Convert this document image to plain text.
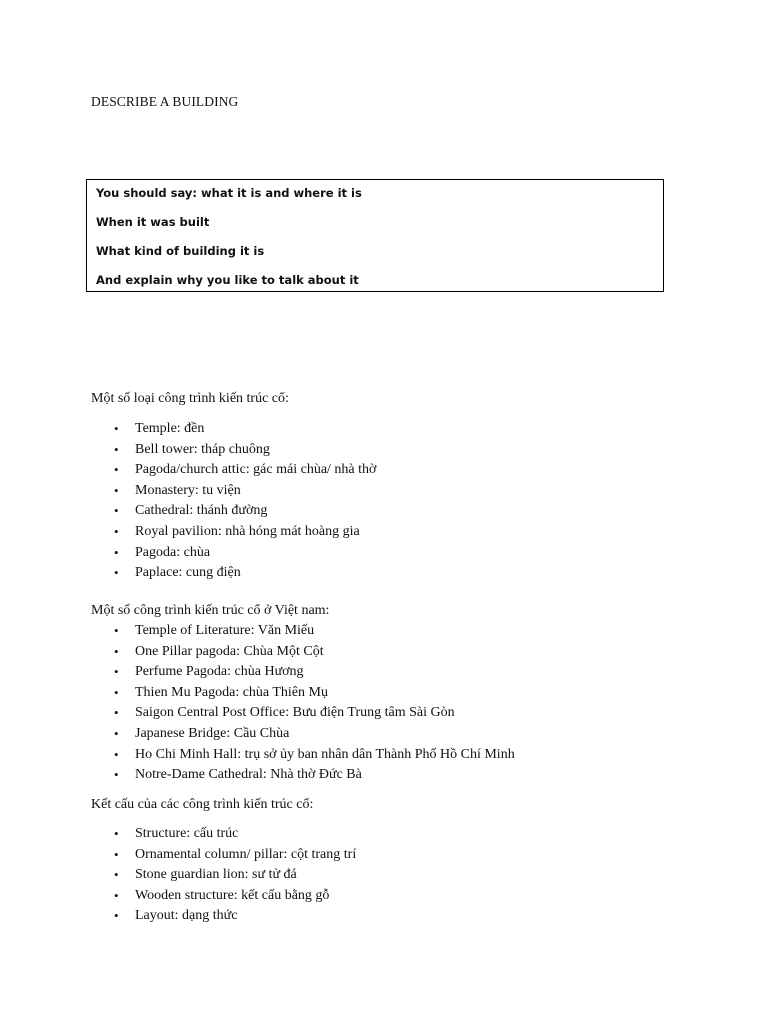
DESCRIBE A BUILDING
You should say: what it is and where it is
When it was built
What kind of building it is
And explain why you like to talk about it
Một số loại công trình kiến trúc cổ:
• Temple: đền
• Bell tower: tháp chuông
• Pagoda/church attic: gác mái chùa/ nhà thờ
• Monastery: tu viện
• Cathedral: thánh đường
• Royal pavilion: nhà hóng mát hoàng gia
• Pagoda: chùa
• Paplace: cung điện
Một số công trình kiến trúc cổ ở Việt nam:
• Temple of Literature: Văn Miếu
• One Pillar pagoda: Chùa Một Cột
• Perfume Pagoda: chùa Hương
• Thien Mu Pagoda: chùa Thiên Mụ
• Saigon Central Post Office: Bưu điện Trung tâm Sài Gòn
• Japanese Bridge: Cầu Chùa
• Ho Chi Minh Hall: trụ sở ủy ban nhân dân Thành Phố Hồ Chí Minh
• Notre-Dame Cathedral: Nhà thờ Đức Bà
Kết cấu của các công trình kiến trúc cổ:
• Structure: cấu trúc
• Ornamental column/ pillar: cột trang trí
• Stone guardian lion: sư tử đá
• Wooden structure: kết cấu bằng gỗ
• Layout: dạng thức
